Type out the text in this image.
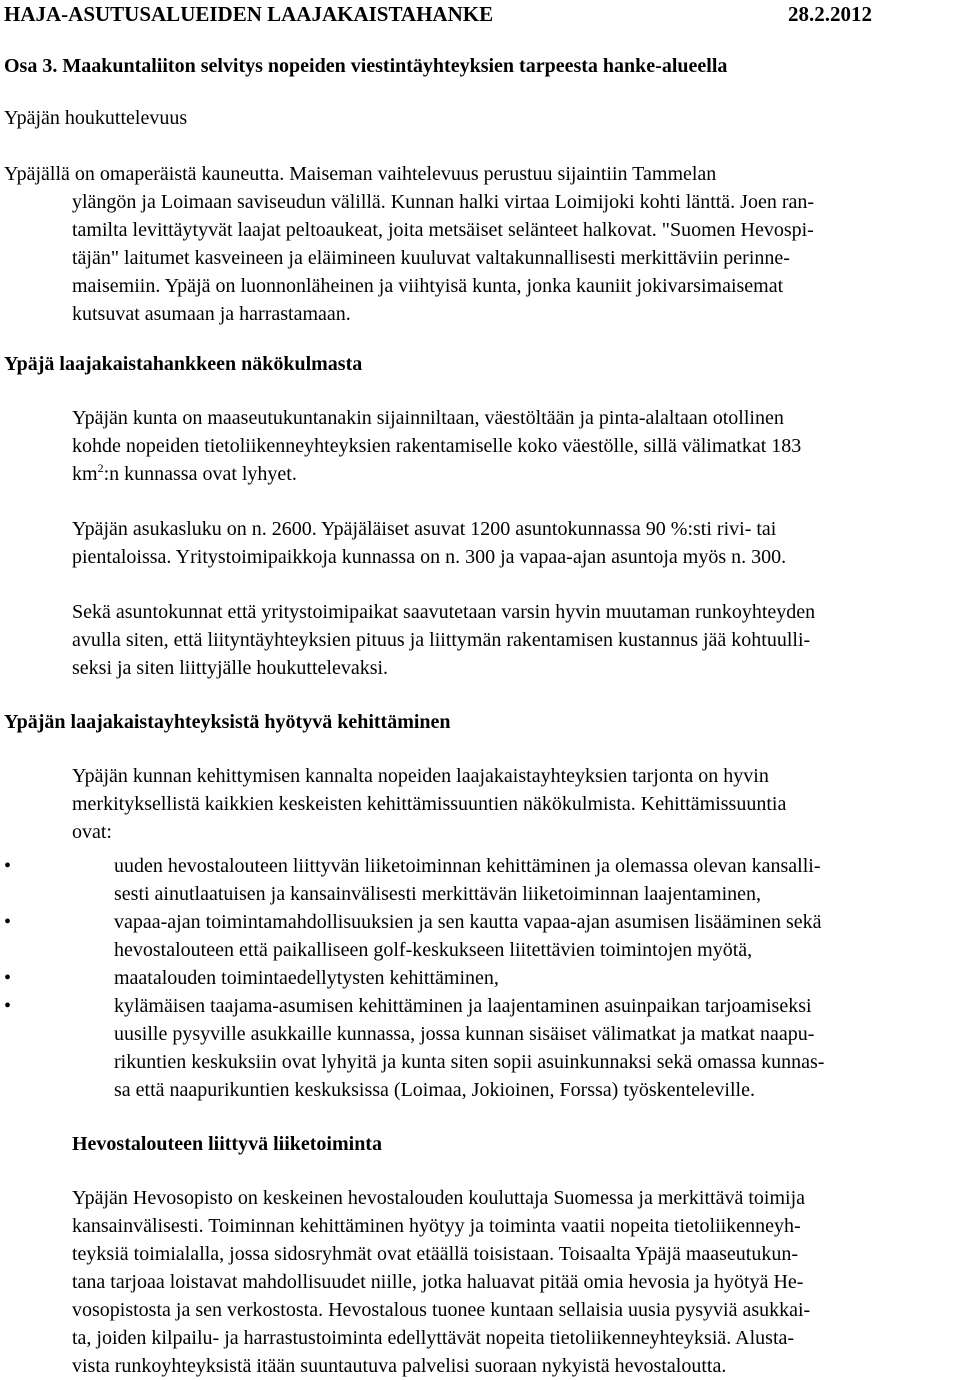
HAJA-ASUTUSALUEIDEN LAAJAKAISTAHANKE	28.2.2012
Osa 3. Maakuntaliiton selvitys nopeiden viestintäyhteyksien tarpeesta hanke-alueella
Ypäjän houkuttelevuus

Ypäjällä on omaperäistä kauneutta. Maiseman vaihtelevuus perustuu sijaintiin Tammelan

ylängön ja Loimaan saviseudun välillä. Kunnan halki virtaa Loimijoki kohti länttä. Joen ran-

tamilta levittäytyvät laajat peltoaukeat, joita metsäiset selänteet halkovat. "Suomen Hevospi-

täjän" laitumet kasveineen ja eläimineen kuuluvat valtakunnallisesti merkittäviin perinne-

maisemiin. Ypäjä on luonnonläheinen ja viihtyisä kunta, jonka kauniit jokivarsimaisemat

kutsuvat asumaan ja harrastamaan.

Ypäjä laajakaistahankkeen näkökulmasta

Ypäjän kunta on maaseutukuntanakin sijainniltaan, väestöltään ja pinta-alaltaan otollinen

kohde nopeiden tietoliikenneyhteyksien rakentamiselle koko väestölle, sillä välimatkat 183

$km^2:n$ kunnassa ovat lyhyet.

Ypäjän asukasluku on n. 2600. Ypäjäläiset asuvat 1200 asuntokunnassa 90 %:sti rivi- tai

pientaloissa. Yritystoimipaikkoja kunnassa on n. 300 ja vapaa-ajan asuntoja myös n. 300.

Sekä asuntokunnat että yritystoimipaikat saavutetaan varsin hyvin muutaman runkoyhteyden

avulla siten, että liityntäyhteyksien pituus ja liittymän rakentamisen kustannus jää kohtuulli-

seksi ja siten liittyjälle houkuttelevaksi.

Ypäjän laajakaistayhteyksistä hyötyvä kehittäminen

Ypäjän kunnan kehittymisen kannalta nopeiden laajakaistayhteyksien tarjonta on hyvin

merkityksellistä kaikkien keskeisten kehittämissuuntien näkökulmista. Kehittämissuuntia

ovat:

• uuden hevostalouteen liittyvän liiketoiminnan kehittäminen ja olemassa olevan kansalli-

sesti ainutlaatuisen ja kansainvälisesti merkittävän liiketoiminnan laajentaminen,

• vapaa-ajan toimintamahdollisuuksien ja sen kautta vapaa-ajan asumisen lisääminen sekä

hevostalouteen että paikalliseen golf-keskukseen liitettävien toimintojen myötä,

• maatalouden toimintaedellytysten kehittäminen,

• kylämäisen taajama-asumisen kehittäminen ja laajentaminen asuinpaikan tarjoamiseksi

uusille pysyville asukkaille kunnassa, jossa kunnan sisäiset välimatkat ja matkat naapu-

rikuntien keskuksiin ovat lyhyitä ja kunta siten sopii asuinkunnaksi sekä omassa kunnas-

sa että naapurikuntien keskuksissa (Loimaa, Jokioinen, Forssa) työskenteleville.

Hevostalouteen liittyvä liiketoiminta

Ypäjän Hevosopisto on keskeinen hevostalouden kouluttaja Suomessa ja merkittävä toimija

kansainvälisesti. Toiminnan kehittäminen hyötyy ja toiminta vaatii nopeita tietoliikenneyh-

teyksiä toimialalla, jossa sidosryhmät ovat etäällä toisistaan. Toisaalta Ypäjä maaseutukun-

tana tarjoaa loistavat mahdollisuudet niille, jotka haluavat pitää omia hevosia ja hyötyä He-

vosopistosta ja sen verkostosta. Hevostalous tuonee kuntaan sellaisia uusia pysyviä asukkai-

ta, joiden kilpailu- ja harrastustoiminta edellyttävät nopeita tietoliikenneyhteyksiä. Alusta-

vista runkoyhteyksistä itään suuntautuva palvelisi suoraan nykyistä hevostaloutta.
